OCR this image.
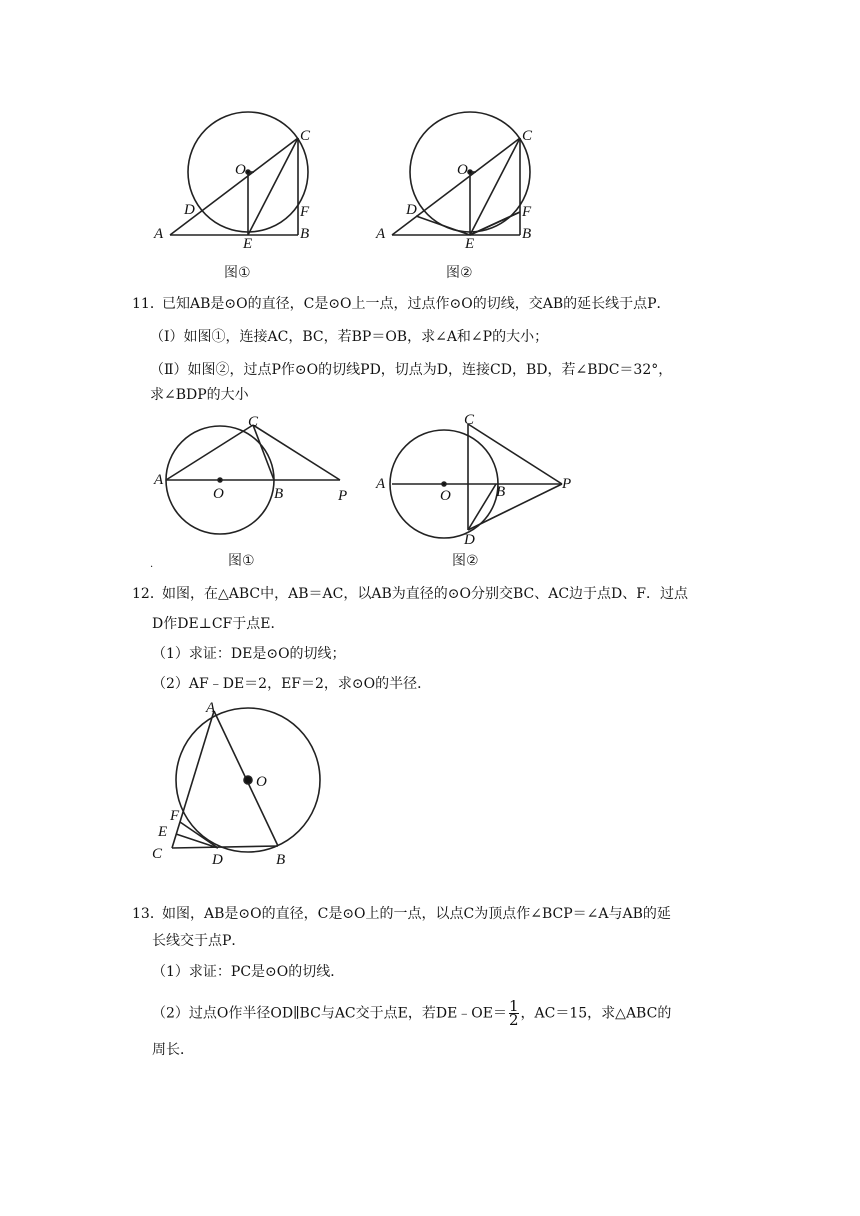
O
C
D	F
A
E
B
图①
O
C
D	F
A
E
B
图②
11．
已知AB是⊙O的直径，C是⊙O上一点，过点作⊙O的切线，交AB的延长线于点P．
（Ⅰ）如图①，连接AC，BC，若BP＝OB，求∠A和∠P的大小；
（Ⅱ）如图②，过点P作⊙O的切线PD，切点为D，连接CD，BD，若∠BDC＝32°，
求∠BDP的大小
C
A
O	B	P
图①
C
A
O	B	P
D
图②
.
12．
如图，在△ABC中，AB＝AC，以AB为直径的⊙O分别交BC、AC边于点D、F．过点
D作DE⊥CF于点E．
（1）求证：DE是⊙O的切线；
（2）AF﹣DE＝2，EF＝2，求⊙O的半径．
A
O
F
E
C	D	B
13．
如图，AB是⊙O的直径，C是⊙O上的一点，以点C为顶点作∠BCP＝∠A与AB的延
长线交于点P．
（1）求证：PC是⊙O的切线．
（2）过点O作半径OD∥BC与AC交于点E，若DE﹣OE＝ $\frac{1}{2}$ ，AC＝15，求△ABC的
周长．
